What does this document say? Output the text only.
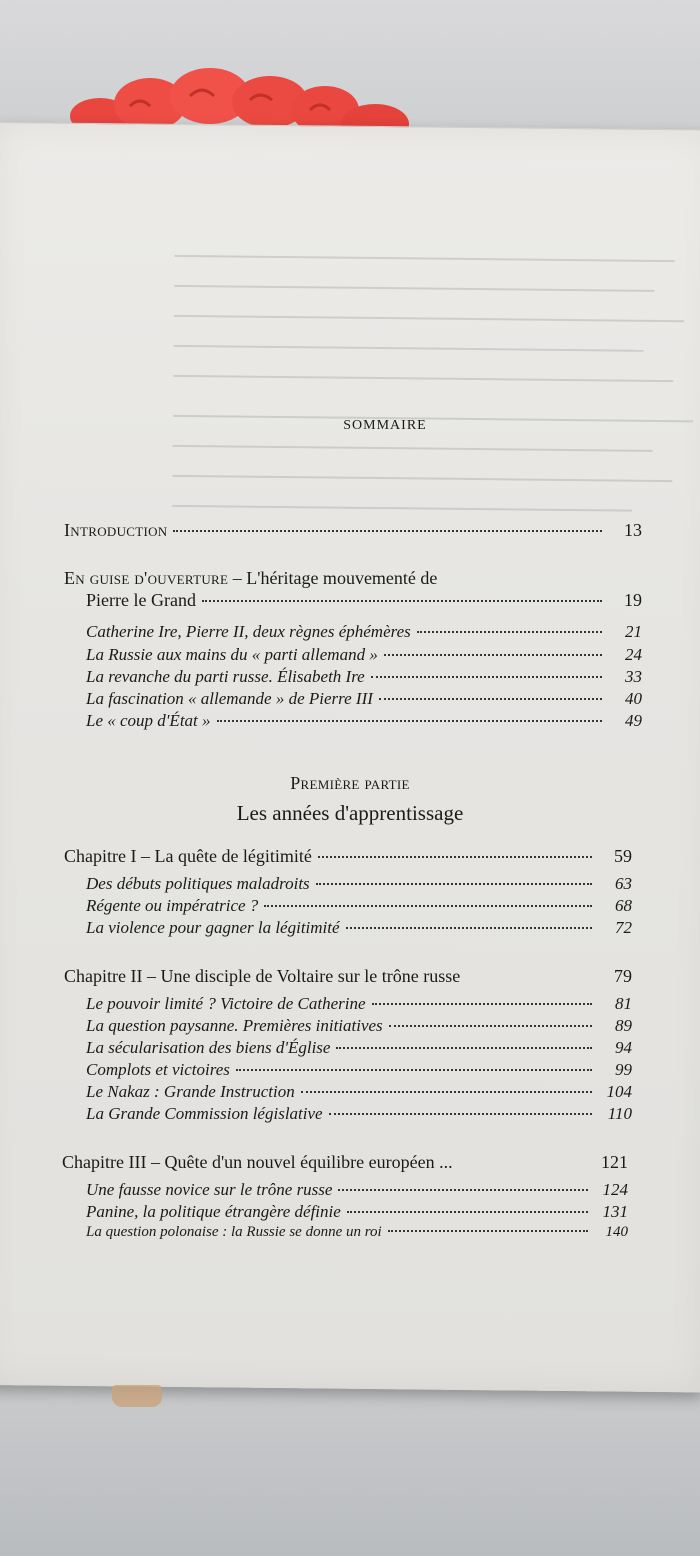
SOMMAIRE
Introduction	13
En guise d'ouverture – L'héritage mouvementé de
Pierre le Grand	19
Catherine Ire, Pierre II, deux règnes éphémères	21
La Russie aux mains du « parti allemand »	24
La revanche du parti russe. Élisabeth Ire	33
La fascination « allemande » de Pierre III	40
Le « coup d'État »	49
Première partie
Les années d'apprentissage
Chapitre I – La quête de légitimité	59
Des débuts politiques maladroits	63
Régente ou impératrice ?	68
La violence pour gagner la légitimité	72
Chapitre II – Une disciple de Voltaire sur le trône russe	79
Le pouvoir limité ? Victoire de Catherine	81
La question paysanne. Premières initiatives	89
La sécularisation des biens d'Église	94
Complots et victoires	99
Le Nakaz : Grande Instruction	104
La Grande Commission législative	110
Chapitre III – Quête d'un nouvel équilibre européen ...	121
Une fausse novice sur le trône russe	124
Panine, la politique étrangère définie	131
La question polonaise : la Russie se donne un roi	140
